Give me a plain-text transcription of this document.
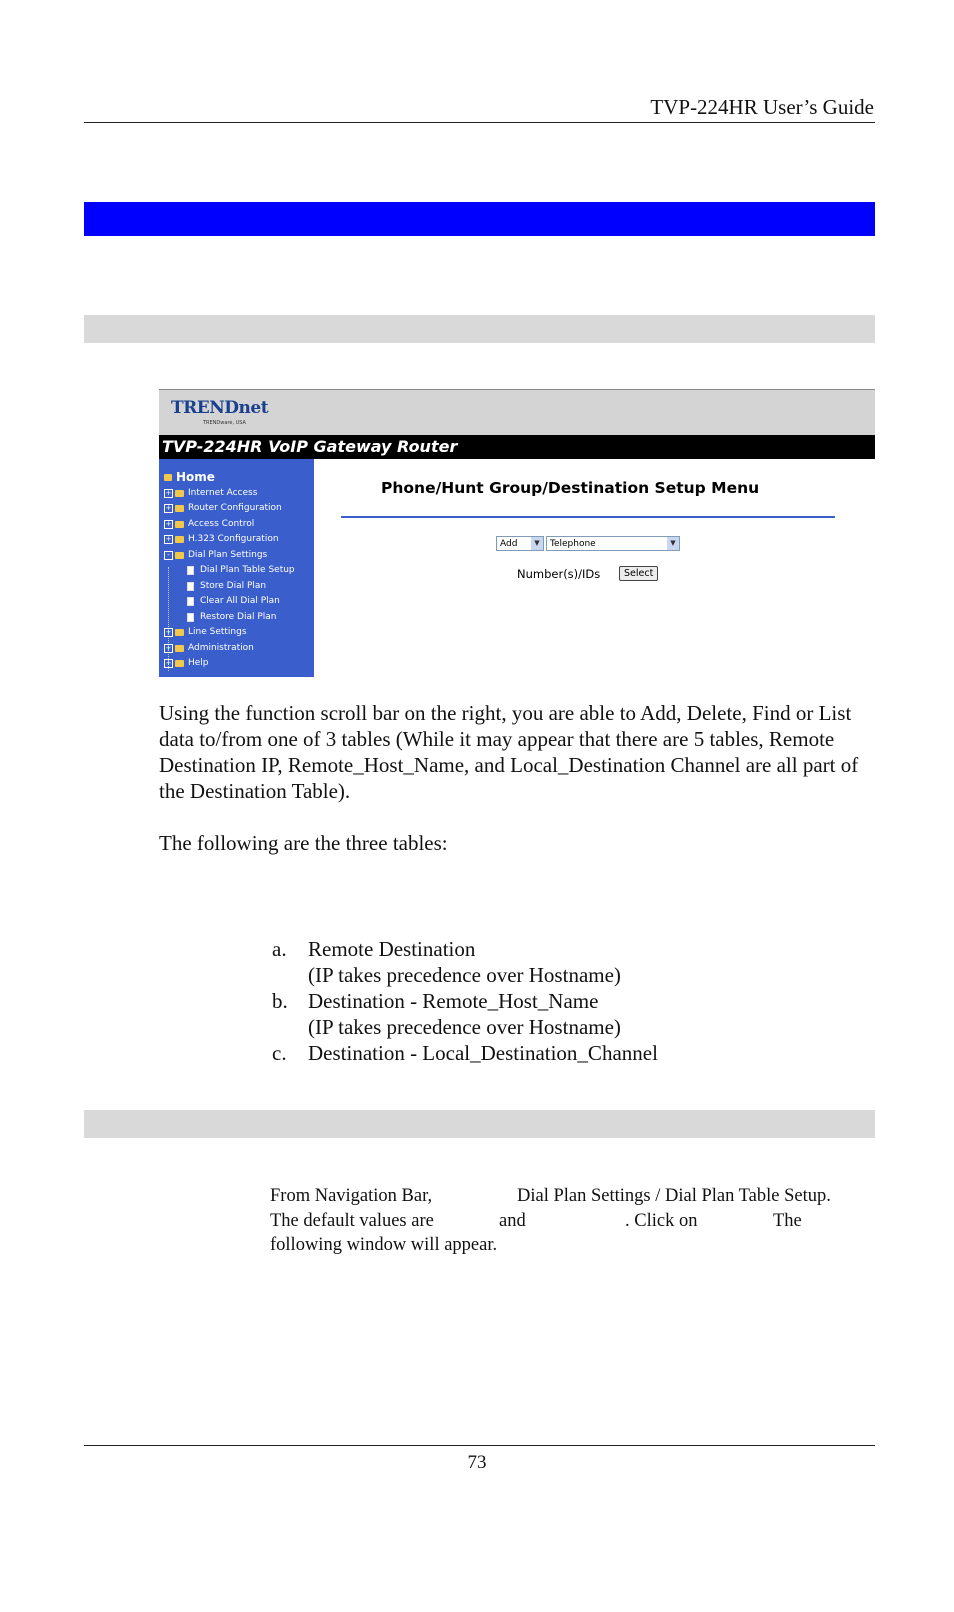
TVP-224HR User’s Guide
TRENDnet
TRENDware, USA
TVP-224HR VoIP Gateway Router
Home
+ Internet Access
+ Router Configuration
+ Access Control
+ H.323 Configuration
-	Dial Plan Settings
Dial Plan Table Setup
Store Dial Plan
Clear All Dial Plan
Restore Dial Plan
+ Line Settings
+ Administration
+ Help
Phone/Hunt Group/Destination Setup Menu
Add	▼	Telephone	▼
Number(s)/IDs	Select
Using the function scroll bar on the right, you are able to Add, Delete, Find or List data to/from one of 3 tables (While it may appear that there are 5 tables, Remote Destination IP, Remote_Host_Name, and Local_Destination Channel are all part of the Destination Table).
The following are the three tables:
a.	Remote Destination
(IP takes precedence over Hostname)
b. Destination - Remote_Host_Name
(IP takes precedence over Hostname)
c.	Destination - Local_Destination_Channel
From Navigation Bar,	Dial Plan Settings / Dial Plan Table Setup.
The default values are	and	. Click on	The
following window will appear.
73
